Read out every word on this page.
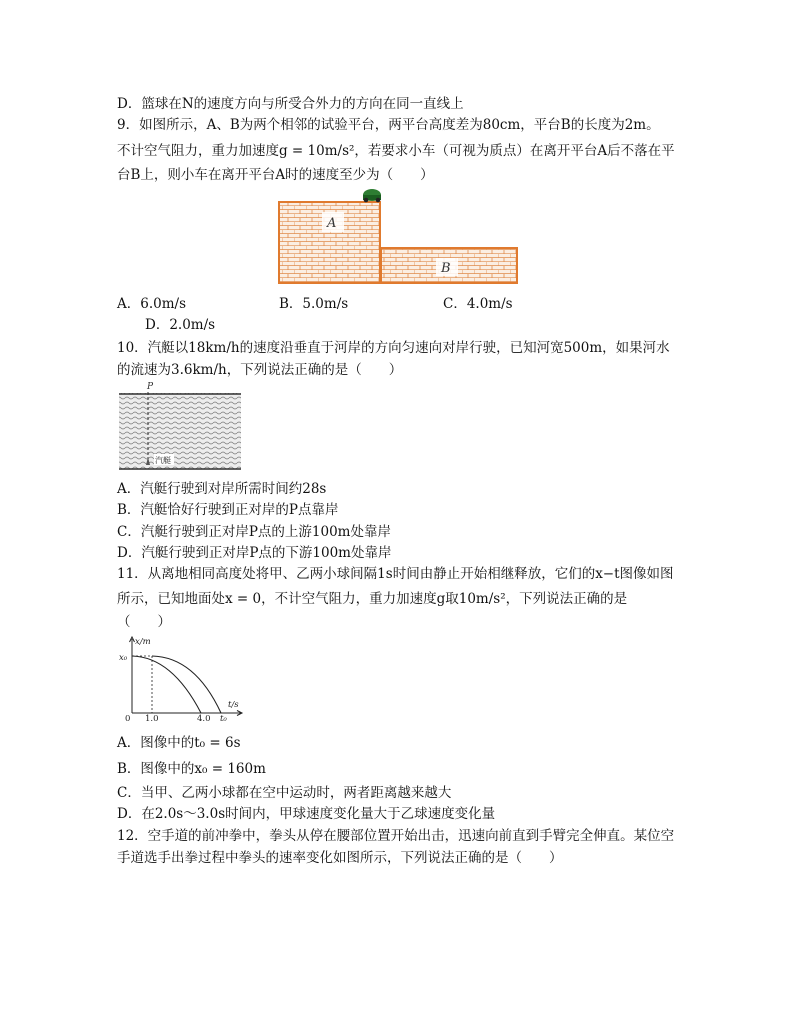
D．篮球在N的速度方向与所受合外力的方向在同一直线上
9．如图所示，A、B为两个相邻的试验平台，两平台高度差为80cm，平台B的长度为2m。
不计空气阻力，重力加速度g = 10m/s²，若要求小车（可视为质点）在离开平台A后不落在平
台B上，则小车在离开平台A时的速度至少为（　　）
A
B
A．6.0m/s	B．5.0m/s	C．4.0m/s
D．2.0m/s
10．汽艇以18km/h的速度沿垂直于河岸的方向匀速向对岸行驶，已知河宽500m，如果河水
的流速为3.6km/h，下列说法正确的是（　　）
P
汽艇
A．汽艇行驶到对岸所需时间约28s
B．汽艇恰好行驶到正对岸的P点靠岸
C．汽艇行驶到正对岸P点的上游100m处靠岸
D．汽艇行驶到正对岸P点的下游100m处靠岸
11．从离地相同高度处将甲、乙两小球间隔1s时间由静止开始相继释放，它们的x−t图像如图
所示，已知地面处x = 0，不计空气阻力，重力加速度g取10m/s²，下列说法正确的是
（　　）
x/m
x₀
t/s
0 1.0	4.0 t₀
A．图像中的t₀ = 6s
B．图像中的x₀ = 160m
C．当甲、乙两小球都在空中运动时，两者距离越来越大
D．在2.0s～3.0s时间内，甲球速度变化量大于乙球速度变化量
12．空手道的前冲拳中，拳头从停在腰部位置开始出击，迅速向前直到手臂完全伸直。某位空
手道选手出拳过程中拳头的速率变化如图所示，下列说法正确的是（　　）
